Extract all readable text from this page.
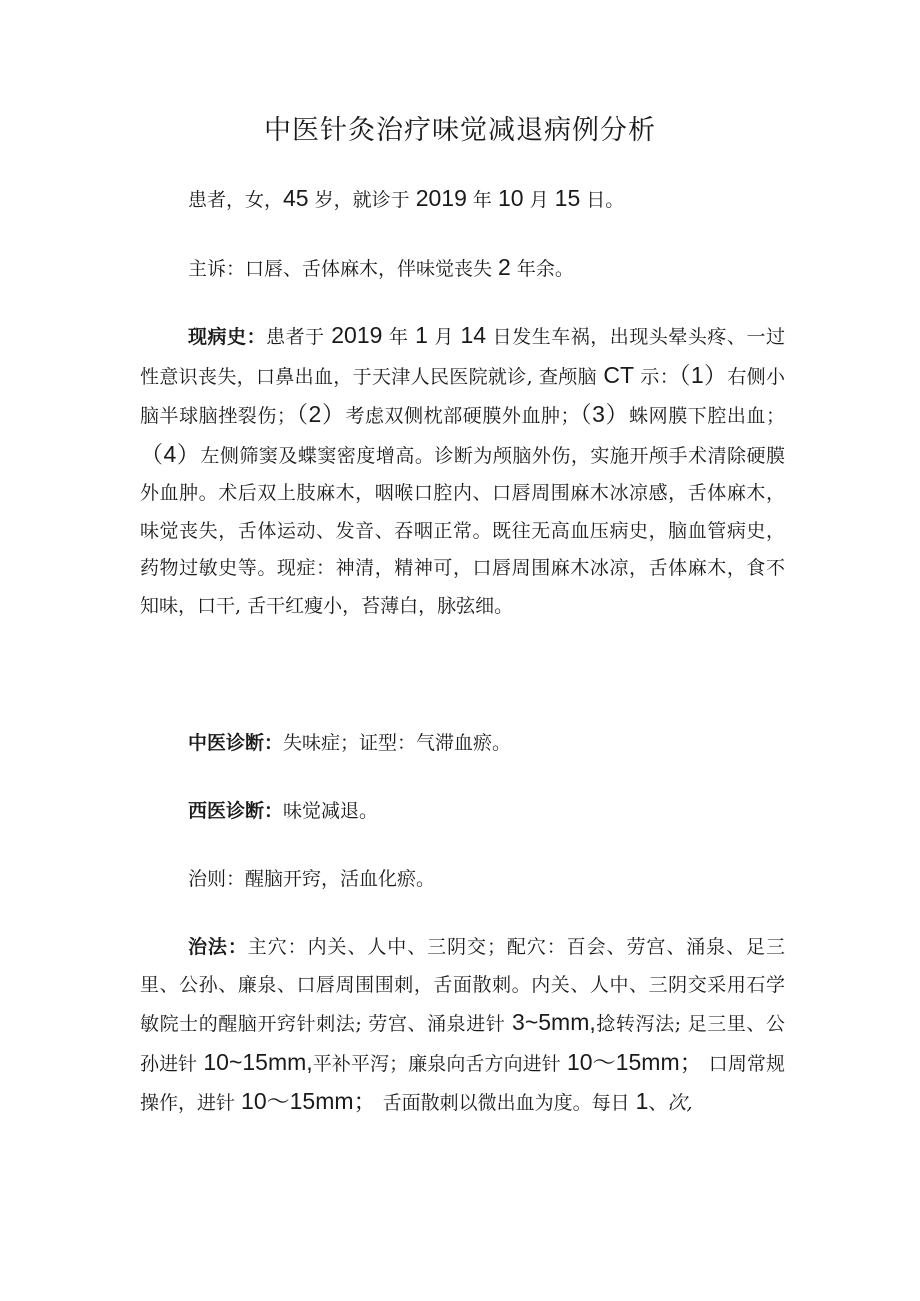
中医针灸治疗味觉减退病例分析

患者，女，45 岁，就诊于 2019 年 10 月 15 日。

主诉：口唇、舌体麻木，伴味觉丧失 2 年余。

现病史：患者于 2019 年 1 月 14 日发生车祸，出现头晕头疼、一过性意识丧失，口鼻出血，于天津人民医院就诊, 查颅脑 CT 示：（1）右侧小脑半球脑挫裂伤；（2）考虑双侧枕部硬膜外血肿；（3）蛛网膜下腔出血；（4）左侧筛窦及蝶窦密度增高。诊断为颅脑外伤，实施开颅手术清除硬膜外血肿。术后双上肢麻木，咽喉口腔内、口唇周围麻木冰凉感，舌体麻木，味觉丧失，舌体运动、发音、吞咽正常。既往无高血压病史，脑血管病史，药物过敏史等。现症：神清，精神可，口唇周围麻木冰凉，舌体麻木，食不知味，口干, 舌干红瘦小，苔薄白，脉弦细。

中医诊断：失味症；证型：气滞血瘀。

西医诊断：味觉减退。

治则：醒脑开窍，活血化瘀。

治法：主穴：内关、人中、三阴交；配穴：百会、劳宫、涌泉、足三里、公孙、廉泉、口唇周围围刺，舌面散刺。内关、人中、三阴交采用石学敏院士的醒脑开窍针刺法; 劳宫、涌泉进针 3~5mm,捻转泻法; 足三里、公孙进针 10~15mm,平补平泻；廉泉向舌方向进针 10～15mm； 口周常规操作，进针 10～15mm； 舌面散刺以微出血为度。每日 1、次,
